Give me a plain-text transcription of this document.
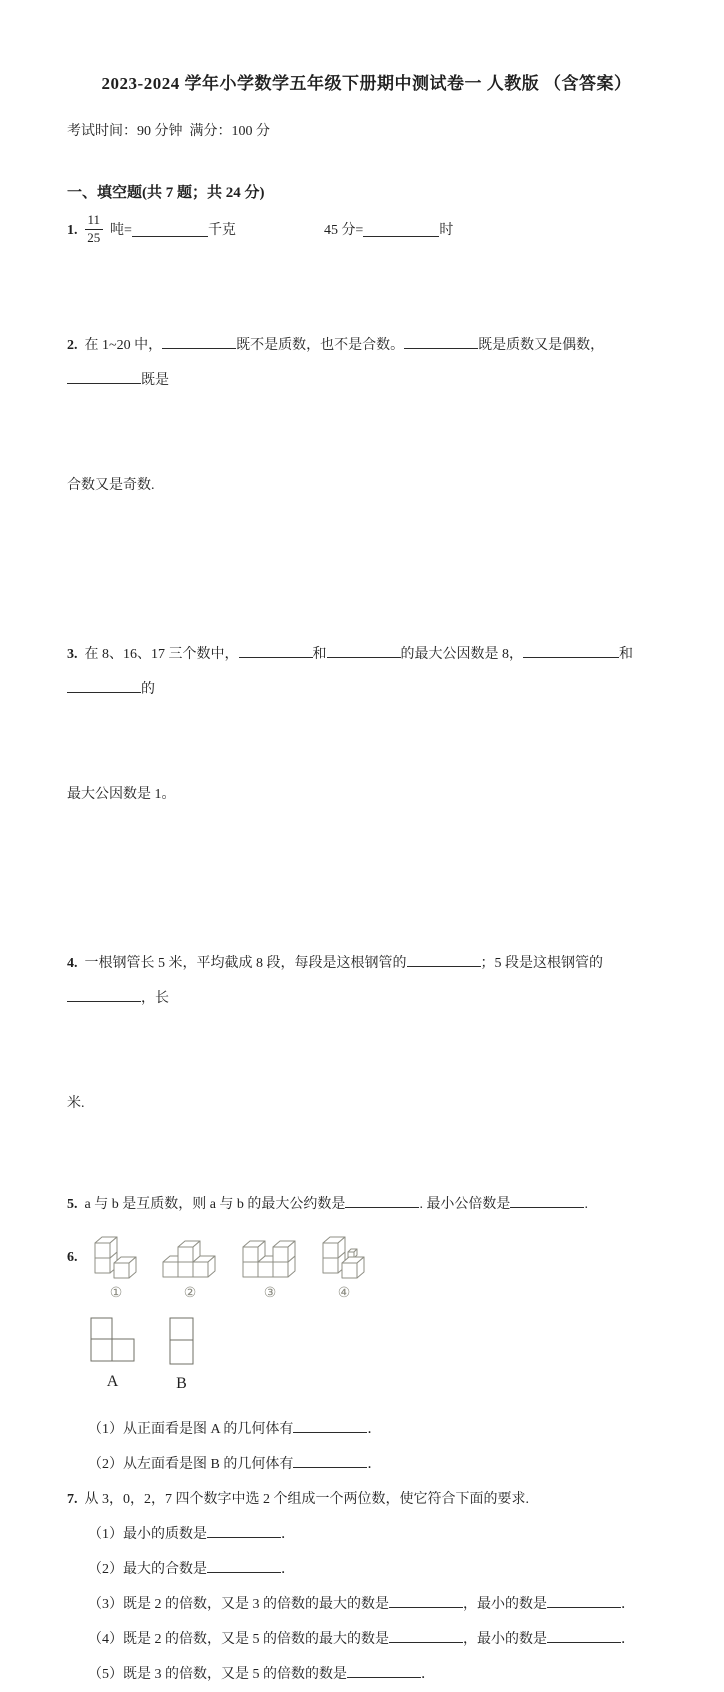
2023-2024 学年小学数学五年级下册期中测试卷一 人教版 （含答案）
考试时间：90 分钟  满分：100 分
一、填空题(共 7 题；共 24 分)
1. $\frac{11}{25}$ 吨=	千克	45 分=	时

2. 在 1~20 中，	既不是质数，也不是合数。	既是质数又是偶数，既是

合数又是奇数.

3. 在 8、16、17 三个数中，	和	的最大公因数是 8，	和的

最大公因数是 1。

4. 一根钢管长 5 米，平均截成 8 段，每段是这根钢管的	；5 段是这根钢管的，长

米.

5. a 与 b 是互质数，则 a 与 b 的最大公约数是	. 最小公倍数是	.
6.
①	②	③	④
A	B
（1）从正面看是图 A 的几何体有	．
（2）从左面看是图 B 的几何体有	．
7. 从 3，0，2，7 四个数字中选 2 个组成一个两位数，使它符合下面的要求.
（1）最小的质数是	．
（2）最大的合数是	．
（3）既是 2 的倍数，又是 3 的倍数的最大的数是	，最小的数是	．
（4）既是 2 的倍数，又是 5 的倍数的最大的数是	，最小的数是	．
（5）既是 3 的倍数，又是 5 的倍数的数是	．
